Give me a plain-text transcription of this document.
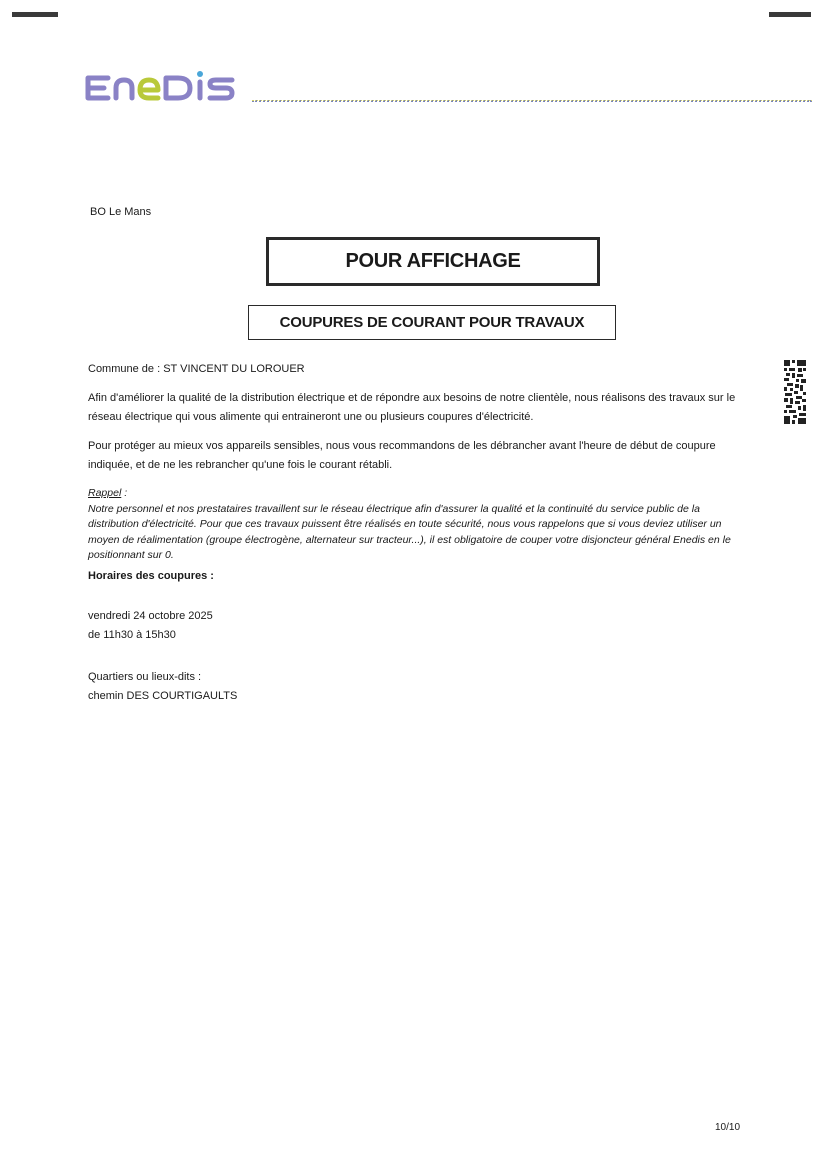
BO Le Mans
POUR AFFICHAGE
COUPURES DE COURANT POUR TRAVAUX
Commune de : ST VINCENT DU LOROUER
Afin d'améliorer la qualité de la distribution électrique et de répondre aux besoins de notre clientèle, nous réalisons des travaux sur le réseau électrique qui vous alimente qui entraineront une ou plusieurs coupures d'électricité.
Pour protéger au mieux vos appareils sensibles, nous vous recommandons de les débrancher avant l'heure de début de coupure indiquée, et de ne les rebrancher qu'une fois le courant rétabli.
Rappel :
Notre personnel et nos prestataires travaillent sur le réseau électrique afin d'assurer la qualité et la continuité du service public de la distribution d'électricité. Pour que ces travaux puissent être réalisés en toute sécurité, nous vous rappelons que si vous deviez utiliser un moyen de réalimentation (groupe électrogène, alternateur sur tracteur...), il est obligatoire de couper votre disjoncteur général Enedis en le positionnant sur 0.
Horaires des coupures :
vendredi 24 octobre 2025
de 11h30 à 15h30
Quartiers ou lieux-dits :
chemin DES COURTIGAULTS
10/10
